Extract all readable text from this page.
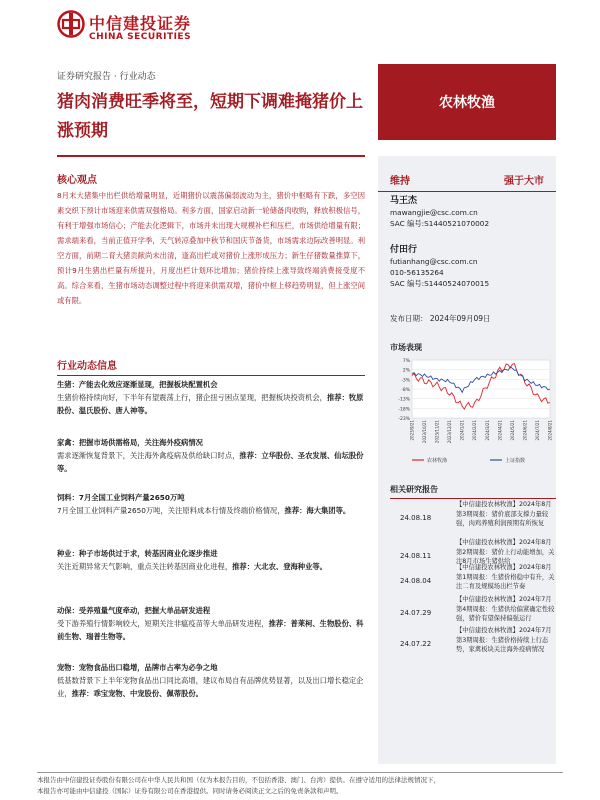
中信建投证券
CHINA SECURITIES
证券研究报告 · 行业动态
猪肉消费旺季将至，短期下调难掩猪价上涨预期
农林牧渔
核心观点
8月末大猪集中出栏供给增量明显，近期猪价以震荡偏弱波动为主，猪价中枢略有下跌，多空因素交织下预计市场迎来供需双强格局。利多方面，国家启动新一轮储备肉收购，释放积极信号，有利于增强市场信心；产能去化逻辑下，市场并未出现大规模补栏和压栏，市场供给增量有限；需求端来看，当前正值开学季，天气转凉叠加中秋节和国庆节备货，市场需求边际改善明显。利空方面，前期二育大猪贡献尚未出清，逢高出栏或对猪价上涨形成压力；新生仔猪数量推算下，预计9月生猪出栏量有所提升，月度出栏计划环比增加；猪价持续上涨导致终端消费接受度不高。综合来看，生猪市场动态调整过程中将迎来供需双增，猪价中枢上移趋势明显，但上涨空间或有限。
行业动态信息
生猪：产能去化效应逐渐显现，把握板块配置机会
生猪价格持续向好，下半年有望震荡上行，猪企扭亏困点显现，把握板块投资机会，推荐：牧原股份、温氏股份、唐人神等。
家禽：把握市场供需格局，关注海外疫病情况
需求逐渐恢复背景下，关注海外禽疫病及供给缺口时点，推荐：立华股份、圣农发展、仙坛股份等。
饲料：7月全国工业饲料产量2650万吨
7月全国工业饲料产量2650万吨，关注原料成本行情及终端价格情况，推荐：海大集团等。
种业：种子市场供过于求，转基因商业化逐步推进
关注近期异常天气影响，重点关注转基因商业化进程，推荐：大北农、登海种业等。
动保：受养殖量气度牵动，把握大单品研发进程
受下游养殖行情影响较大，短期关注非瘟疫苗等大单品研发进程，推荐：普莱柯、生物股份、科前生物、瑞普生物等。
宠物：宠物食品出口稳增，品牌市占率为必争之地
低基数背景下上半年宠物食品出口同比高增，建议布局自有品牌优势显著，以及出口增长稳定企业，推荐：乖宝宠物、中宠股份、佩蒂股份。
维持	强于大市
马王杰
mawangjie@csc.com.cn
SAC 编号:S1440521070002
付田行
futianhang@csc.com.cn
010-56135264
SAC 编号:S1440524070015
发布日期： 2024年09月09日
市场表现
7%
2%
-3%
-8%
-13%
-18%
-23%
2023/9/21 2023/10/21 2023/11/21 2023/12/21 2024/1/21 2024/2/21 2024/3/21 2024/4/21 2024/5/21 2024/6/21 2024/7/21 2024/8/21
农林牧渔	上证指数
相关研究报告
24.08.18
【中信建投农林牧渔】2024年8月第3期周报：猪价底部支撑力量较强，肉鸡养殖利润预期有所恢复
24.08.11
【中信建投农林牧渔】2024年8月第2期周报：猪价上行动能增加，关注8月市场生猪供给
24.08.04
【中信建投农林牧渔】2024年8月第1期周报：生猪价格稳中有升，关注二育及规模场出栏节奏
24.07.29
【中信建投农林牧渔】2024年7月第4期周报：生猪供给偏紧确定性较强，猪价有望保持偏强运行
24.07.22
【中信建投农林牧渔】2024年7月第3期周报：生猪价格持续上行态势，家禽板块关注海外疫病情况
本报告由中信建投证券股份有限公司在中华人民共和国（仅为本报告目的，不包括香港、澳门、台湾）提供。在遵守适用的法律法规情况下，
本报告亦可能由中信建投（国际）证券有限公司在香港提供。同时请务必阅读正文之后的免责条款和声明。
